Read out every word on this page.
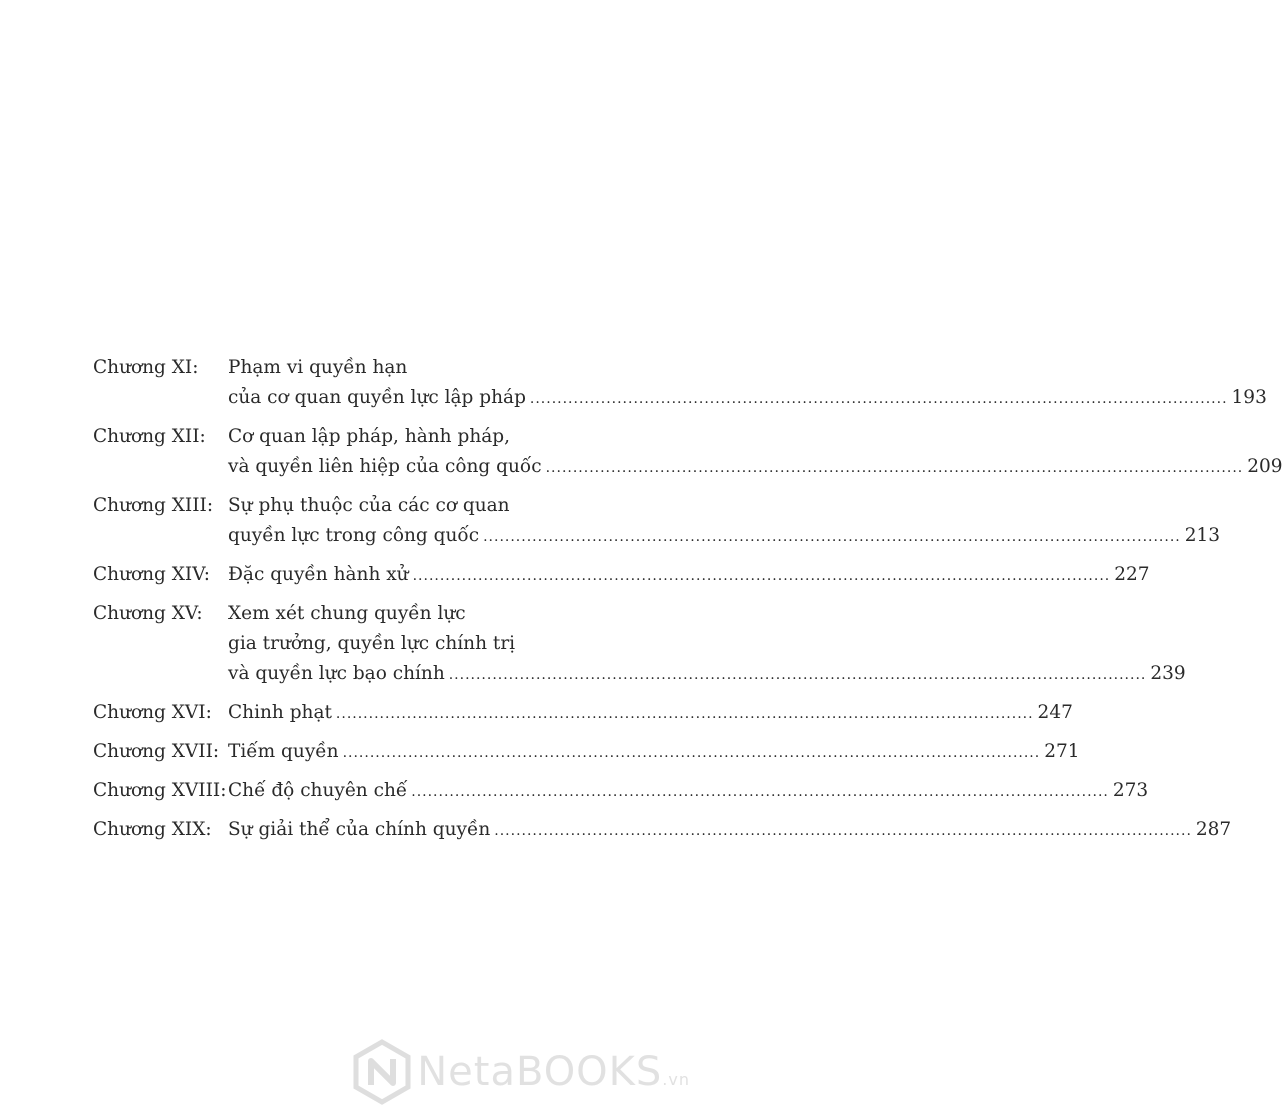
Chương XI:	Phạm vi quyền hạn
của cơ quan quyền lực lập pháp .....	193
Chương XII:	Cơ quan lập pháp, hành pháp,
và quyền liên hiệp của công quốc .....	209
Chương XIII: Sự phụ thuộc của các cơ quan
quyền lực trong công quốc .....	213
Chương XIV: Đặc quyền hành xử .....	227
Chương XV:	Xem xét chung quyền lực
gia trưởng, quyền lực chính trị
và quyền lực bạo chính .....	239
Chương XVI: Chinh phạt .....	247
Chương XVII: Tiếm quyền .....	271
Chương XVIII: Chế độ chuyên chế .....	273
Chương XIX: Sự giải thể của chính quyền .....	287
NetaBOOKS.vn
